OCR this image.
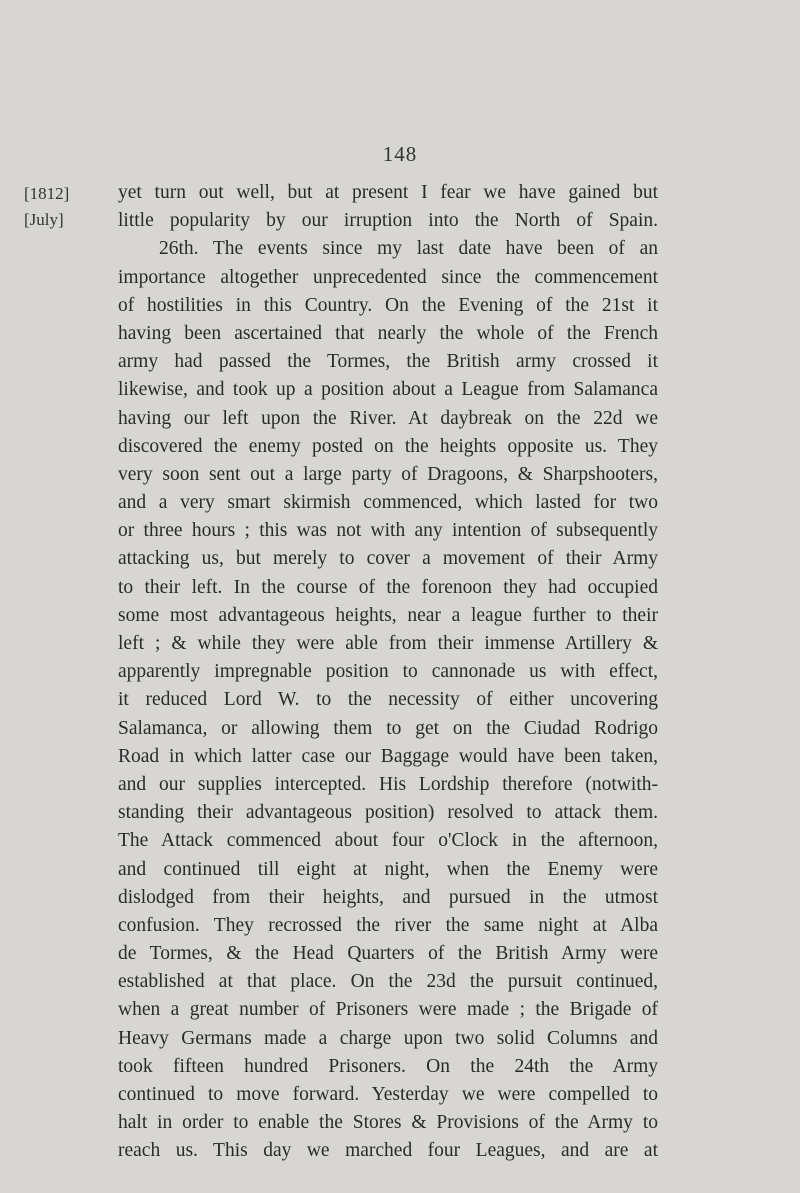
148
[1812]
[July]
yet turn out well, but at present I fear we have gained but
little popularity by our irruption into the North of Spain.
26th. The events since my last date have been of an
importance altogether unprecedented since the commencement
of hostilities in this Country. On the Evening of the 21st it
having been ascertained that nearly the whole of the French
army had passed the Tormes, the British army crossed it
likewise, and took up a position about a League from Salamanca
having our left upon the River. At daybreak on the 22d we
discovered the enemy posted on the heights opposite us. They
very soon sent out a large party of Dragoons, & Sharpshooters,
and a very smart skirmish commenced, which lasted for two
or three hours ; this was not with any intention of subsequently
attacking us, but merely to cover a movement of their Army
to their left. In the course of the forenoon they had occupied
some most advantageous heights, near a league further to their
left ; & while they were able from their immense Artillery &
apparently impregnable position to cannonade us with effect,
it reduced Lord W. to the necessity of either uncovering
Salamanca, or allowing them to get on the Ciudad Rodrigo
Road in which latter case our Baggage would have been taken,
and our supplies intercepted. His Lordship therefore (notwith-
standing their advantageous position) resolved to attack them.
The Attack commenced about four o'Clock in the afternoon,
and continued till eight at night, when the Enemy were
dislodged from their heights, and pursued in the utmost
confusion. They recrossed the river the same night at Alba
de Tormes, & the Head Quarters of the British Army were
established at that place. On the 23d the pursuit continued,
when a great number of Prisoners were made ; the Brigade of
Heavy Germans made a charge upon two solid Columns and
took fifteen hundred Prisoners. On the 24th the Army
continued to move forward. Yesterday we were compelled to
halt in order to enable the Stores & Provisions of the Army to
reach us. This day we marched four Leagues, and are at
